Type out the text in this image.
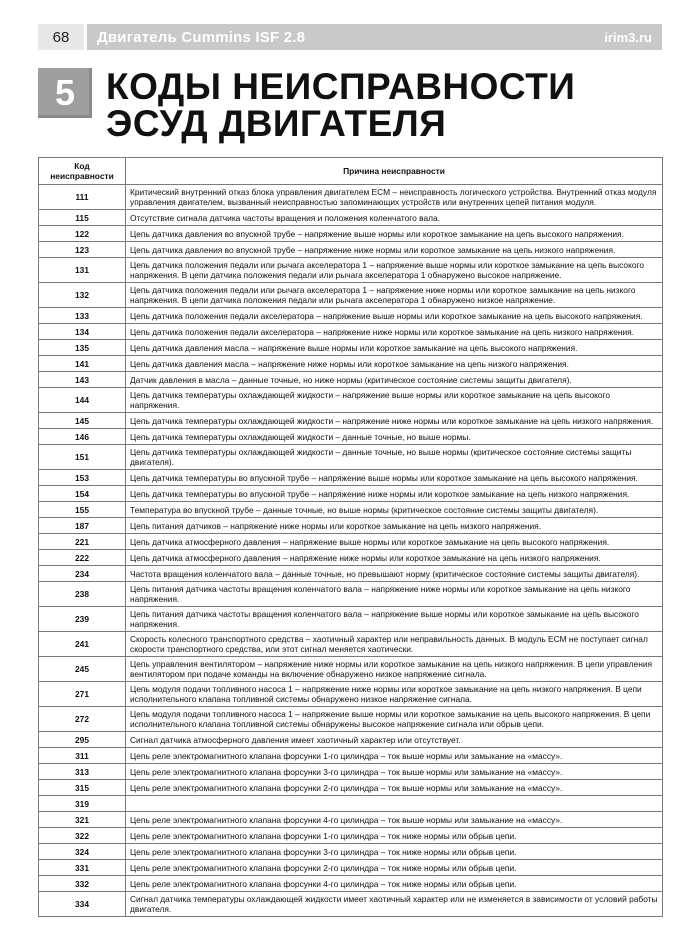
68	Двигатель Cummins ISF 2.8	irim3.ru
5 КОДЫ НЕИСПРАВНОСТИ
ЭСУД ДВИГАТЕЛЯ
Код
неисправности	Причина неисправности
111	Критический внутренний отказ блока управления двигателем ЕСМ – неисправность логического устройства. Внутренний отказ модуля управления двигателем, вызванный неисправностью запоминающих устройств или внутренних цепей питания модуля.
115	Отсутствие сигнала датчика частоты вращения и положения коленчатого вала.
122	Цепь датчика давления во впускной трубе – напряжение выше нормы или короткое замыкание на цепь высокого напряжения.
123	Цепь датчика давления во впускной трубе – напряжение ниже нормы или короткое замыкание на цепь низкого напряжения.
131	Цепь датчика положения педали или рычага акселератора 1 – напряжение выше нормы или короткое замыкание на цепь высокого напряжения. В цепи датчика положения педали или рычага акселератора 1 обнаружено высокое напряжение.
132	Цепь датчика положения педали или рычага акселератора 1 – напряжение ниже нормы или короткое замыкание на цепь низкого напряжения. В цепи датчика положения педали или рычага акселератора 1 обнаружено низкое напряжение.
133	Цепь датчика положения педали акселератора – напряжение выше нормы или короткое замыкание на цепь высокого напряжения.
134	Цепь датчика положения педали акселератора – напряжение ниже нормы или короткое замыкание на цепь низкого напряжения.
135	Цепь датчика давления масла – напряжение выше нормы или короткое замыкание на цепь высокого напряжения.
141	Цепь датчика давления масла – напряжение ниже нормы или короткое замыкание на цепь низкого напряжения.
143	Датчик давления в масла – данные точные, но ниже нормы (критическое состояние системы защиты двигателя).
144	Цепь датчика температуры охлаждающей жидкости – напряжение выше нормы или короткое замыкание на цепь высокого напряжения.
145	Цепь датчика температуры охлаждающей жидкости – напряжение ниже нормы или короткое замыкание на цепь низкого напряжения.
146	Цепь датчика температуры охлаждающей жидкости – данные точные, но выше нормы.
151	Цепь датчика температуры охлаждающей жидкости – данные точные, но выше нормы (критическое состояние системы защиты двигателя).
153	Цепь датчика температуры во впускной трубе – напряжение выше нормы или короткое замыкание на цепь высокого напряжения.
154	Цепь датчика температуры во впускной трубе – напряжение ниже нормы или короткое замыкание на цепь низкого напряжения.
155	Температура во впускной трубе – данные точные, но выше нормы (критическое состояние системы защиты двигателя).
187	Цепь питания датчиков – напряжение ниже нормы или короткое замыкание на цепь низкого напряжения.
221	Цепь датчика атмосферного давления – напряжение выше нормы или короткое замыкание на цепь высокого напряжения.
222	Цепь датчика атмосферного давления – напряжение ниже нормы или короткое замыкание на цепь низкого напряжения.
234	Частота вращения коленчатого вала – данные точные, но превышают норму (критическое состояние системы защиты двигателя).
238	Цепь питания датчика частоты вращения коленчатого вала – напряжение ниже нормы или короткое замыкание на цепь низкого напряжения.
239	Цепь питания датчика частоты вращения коленчатого вала – напряжение выше нормы или короткое замыкание на цепь высокого напряжения.
241	Скорость колесного транспортного средства – хаотичный характер или неправильность данных. В модуль ЕСМ не поступает сигнал скорости транспортного средства, или этот сигнал меняется хаотически.
245	Цепь управления вентилятором – напряжение ниже нормы или короткое замыкание на цепь низкого напряжения. В цепи управления вентилятором при подаче команды на включение обнаружено низкое напряжение сигнала.
271	Цепь модуля подачи топливного насоса 1 – напряжение ниже нормы или короткое замыкание на цепь низкого напряжения. В цепи исполнительного клапана топливной системы обнаружено низкое напряжение сигнала.
272	Цепь модуля подачи топливного насоса 1 – напряжение выше нормы или короткое замыкание на цепь высокого напряжения. В цепи исполнительного клапана топливной системы обнаружены высокое напряжение сигнала или обрыв цепи.
295	Сигнал датчика атмосферного давления имеет хаотичный характер или отсутствует.
311	Цепь реле электромагнитного клапана форсунки 1-го цилиндра – ток выше нормы или замыкание на «массу».
313	Цепь реле электромагнитного клапана форсунки 3-го цилиндра – ток выше нормы или замыкание на «массу».
315	Цепь реле электромагнитного клапана форсунки 2-го цилиндра – ток выше нормы или замыкание на «массу».
319	
321	Цепь реле электромагнитного клапана форсунки 4-го цилиндра – ток выше нормы или замыкание на «массу».
322	Цепь реле электромагнитного клапана форсунки 1-го цилиндра – ток ниже нормы или обрыв цепи.
324	Цепь реле электромагнитного клапана форсунки 3-го цилиндра – ток ниже нормы или обрыв цепи.
331	Цепь реле электромагнитного клапана форсунки 2-го цилиндра – ток ниже нормы или обрыв цепи.
332	Цепь реле электромагнитного клапана форсунки 4-го цилиндра – ток ниже нормы или обрыв цепи.
334	Сигнал датчика температуры охлаждающей жидкости имеет хаотичный характер или не изменяется в зависимости от условий работы двигателя.
